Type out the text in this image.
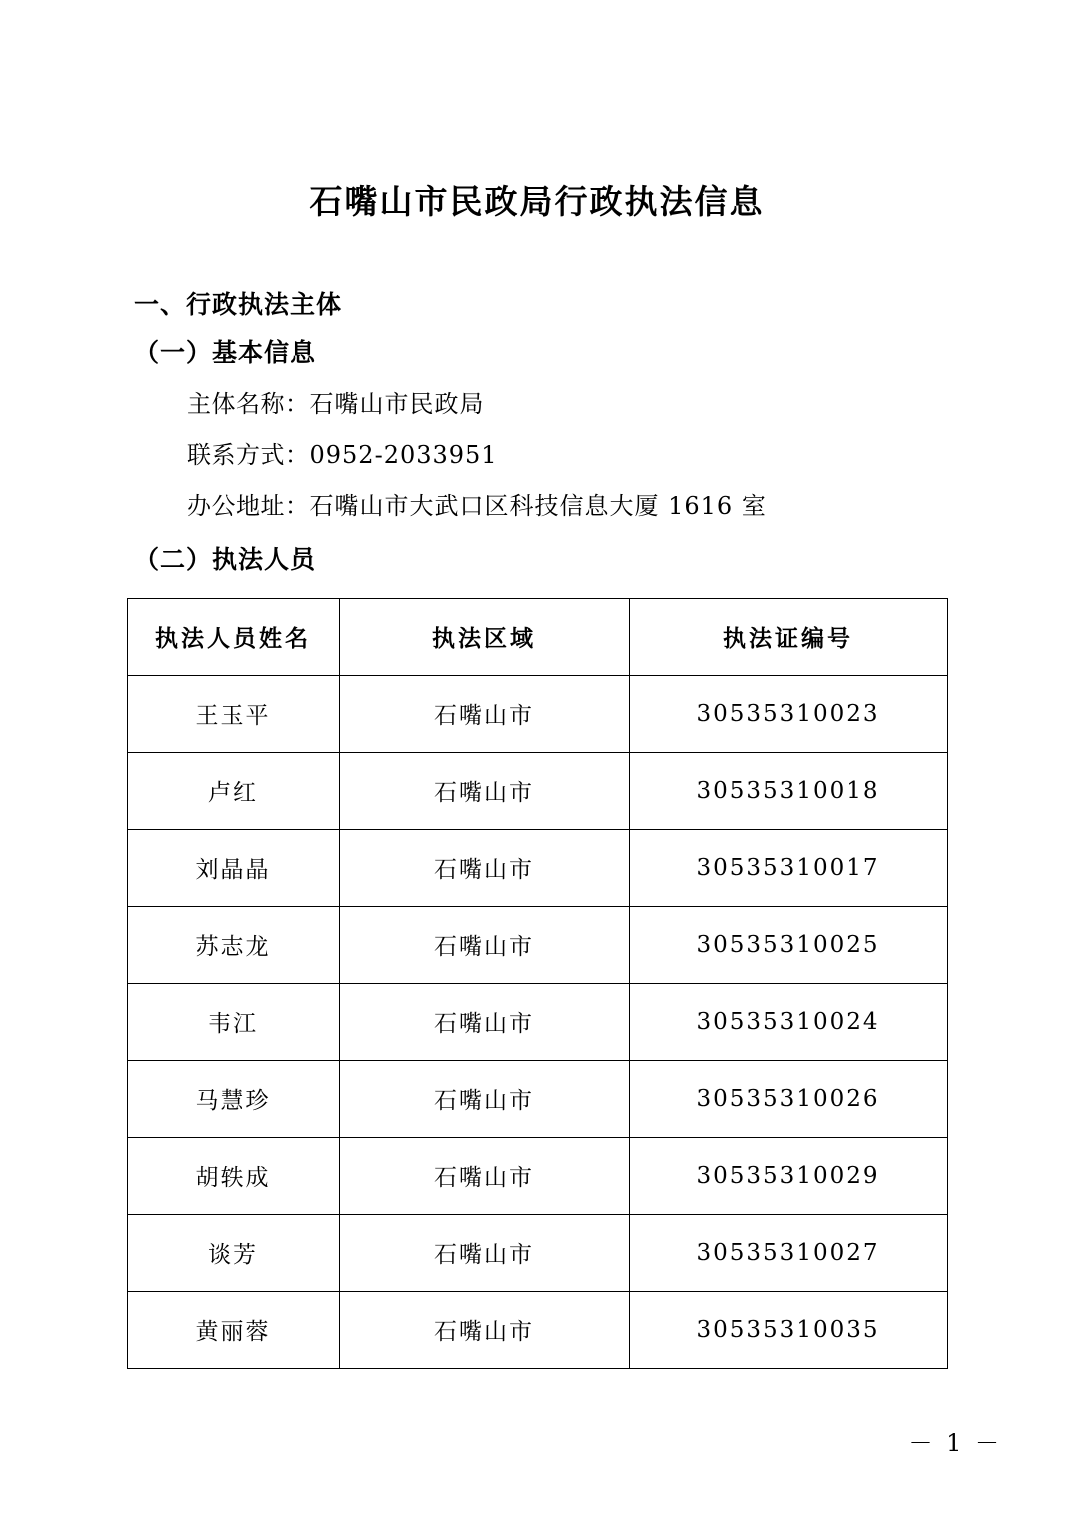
石嘴山市民政局行政执法信息
一、行政执法主体
（一）基本信息
主体名称：石嘴山市民政局
联系方式：0952-2033951
办公地址：石嘴山市大武口区科技信息大厦 1616 室
（二）执法人员
执法人员姓名	执法区域	执法证编号
王玉平	石嘴山市	30535310023
卢红	石嘴山市	30535310018
刘晶晶	石嘴山市	30535310017
苏志龙	石嘴山市	30535310025
韦江	石嘴山市	30535310024
马慧珍	石嘴山市	30535310026
胡轶成	石嘴山市	30535310029
谈芳	石嘴山市	30535310027
黄丽蓉	石嘴山市	30535310035
－ 1 －
